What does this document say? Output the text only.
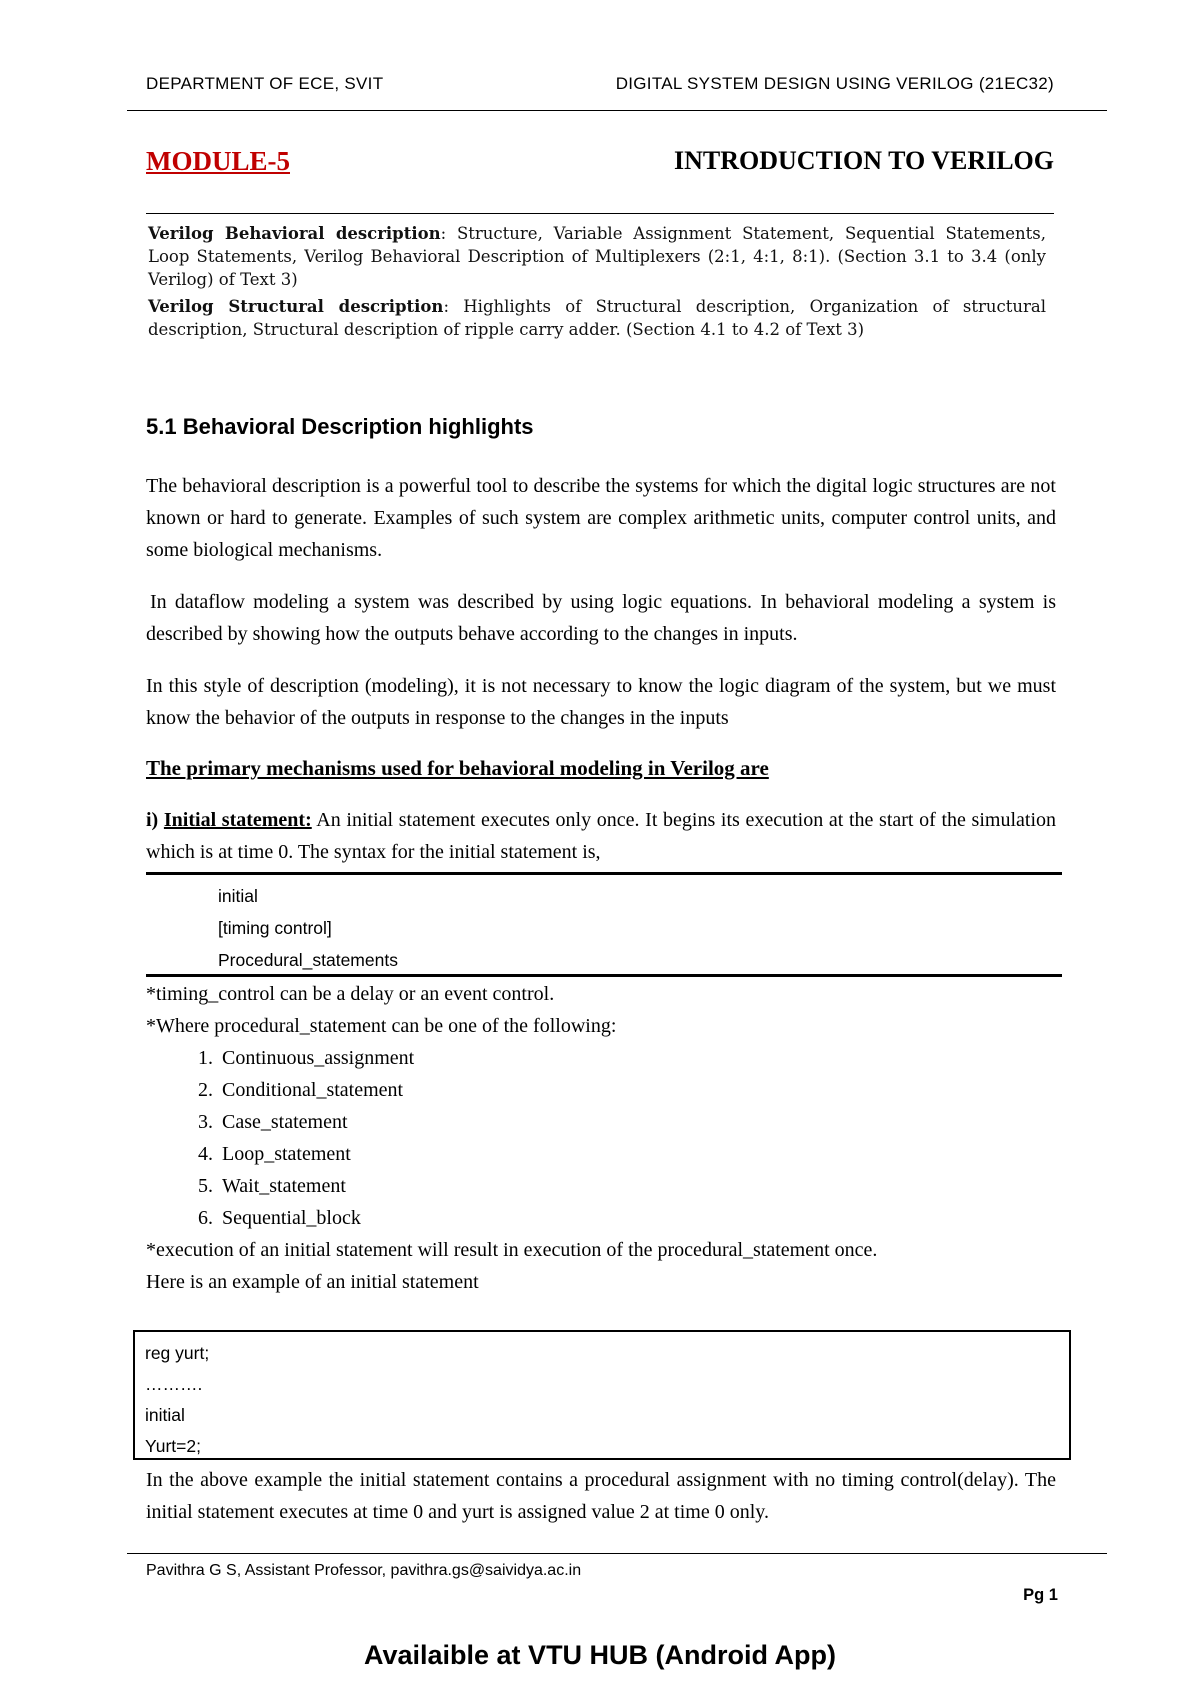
DEPARTMENT OF ECE, SVIT	DIGITAL SYSTEM DESIGN USING VERILOG (21EC32)
MODULE-5	INTRODUCTION TO VERILOG

Verilog Behavioral description: Structure, Variable Assignment Statement, Sequential Statements, Loop Statements, Verilog Behavioral Description of Multiplexers (2:1, 4:1, 8:1). (Section 3.1 to 3.4 (only Verilog) of Text 3)

Verilog Structural description: Highlights of Structural description, Organization of structural description, Structural description of ripple carry adder. (Section 4.1 to 4.2 of Text 3)

5.1 Behavioral Description highlights

The behavioral description is a powerful tool to describe the systems for which the digital logic structures are not known or hard to generate. Examples of such system are complex arithmetic units, computer control units, and some biological mechanisms.

In dataflow modeling a system was described by using logic equations. In behavioral modeling a system is described by showing how the outputs behave according to the changes in inputs.

In this style of description (modeling), it is not necessary to know the logic diagram of the system, but we must know the behavior of the outputs in response to the changes in the inputs

The primary mechanisms used for behavioral modeling in Verilog are

i) Initial statement: An initial statement executes only once. It begins its execution at the start of the simulation which is at time 0. The syntax for the initial statement is,

initial
[timing control]
Procedural_statements

*timing_control can be a delay or an event control.

*Where procedural_statement can be one of the following:

1. Continuous_assignment
2. Conditional_statement
3. Case_statement
4. Loop_statement
5. Wait_statement
6. Sequential_block

*execution of an initial statement will result in execution of the procedural_statement once.

Here is an example of an initial statement

reg yurt;
……….
initial
Yurt=2;

In the above example the initial statement contains a procedural assignment with no timing control(delay). The initial statement executes at time 0 and yurt is assigned value 2 at time 0 only.

Pavithra G S, Assistant Professor, pavithra.gs@saividya.ac.in
Pg 1
Availaible at VTU HUB (Android App)
